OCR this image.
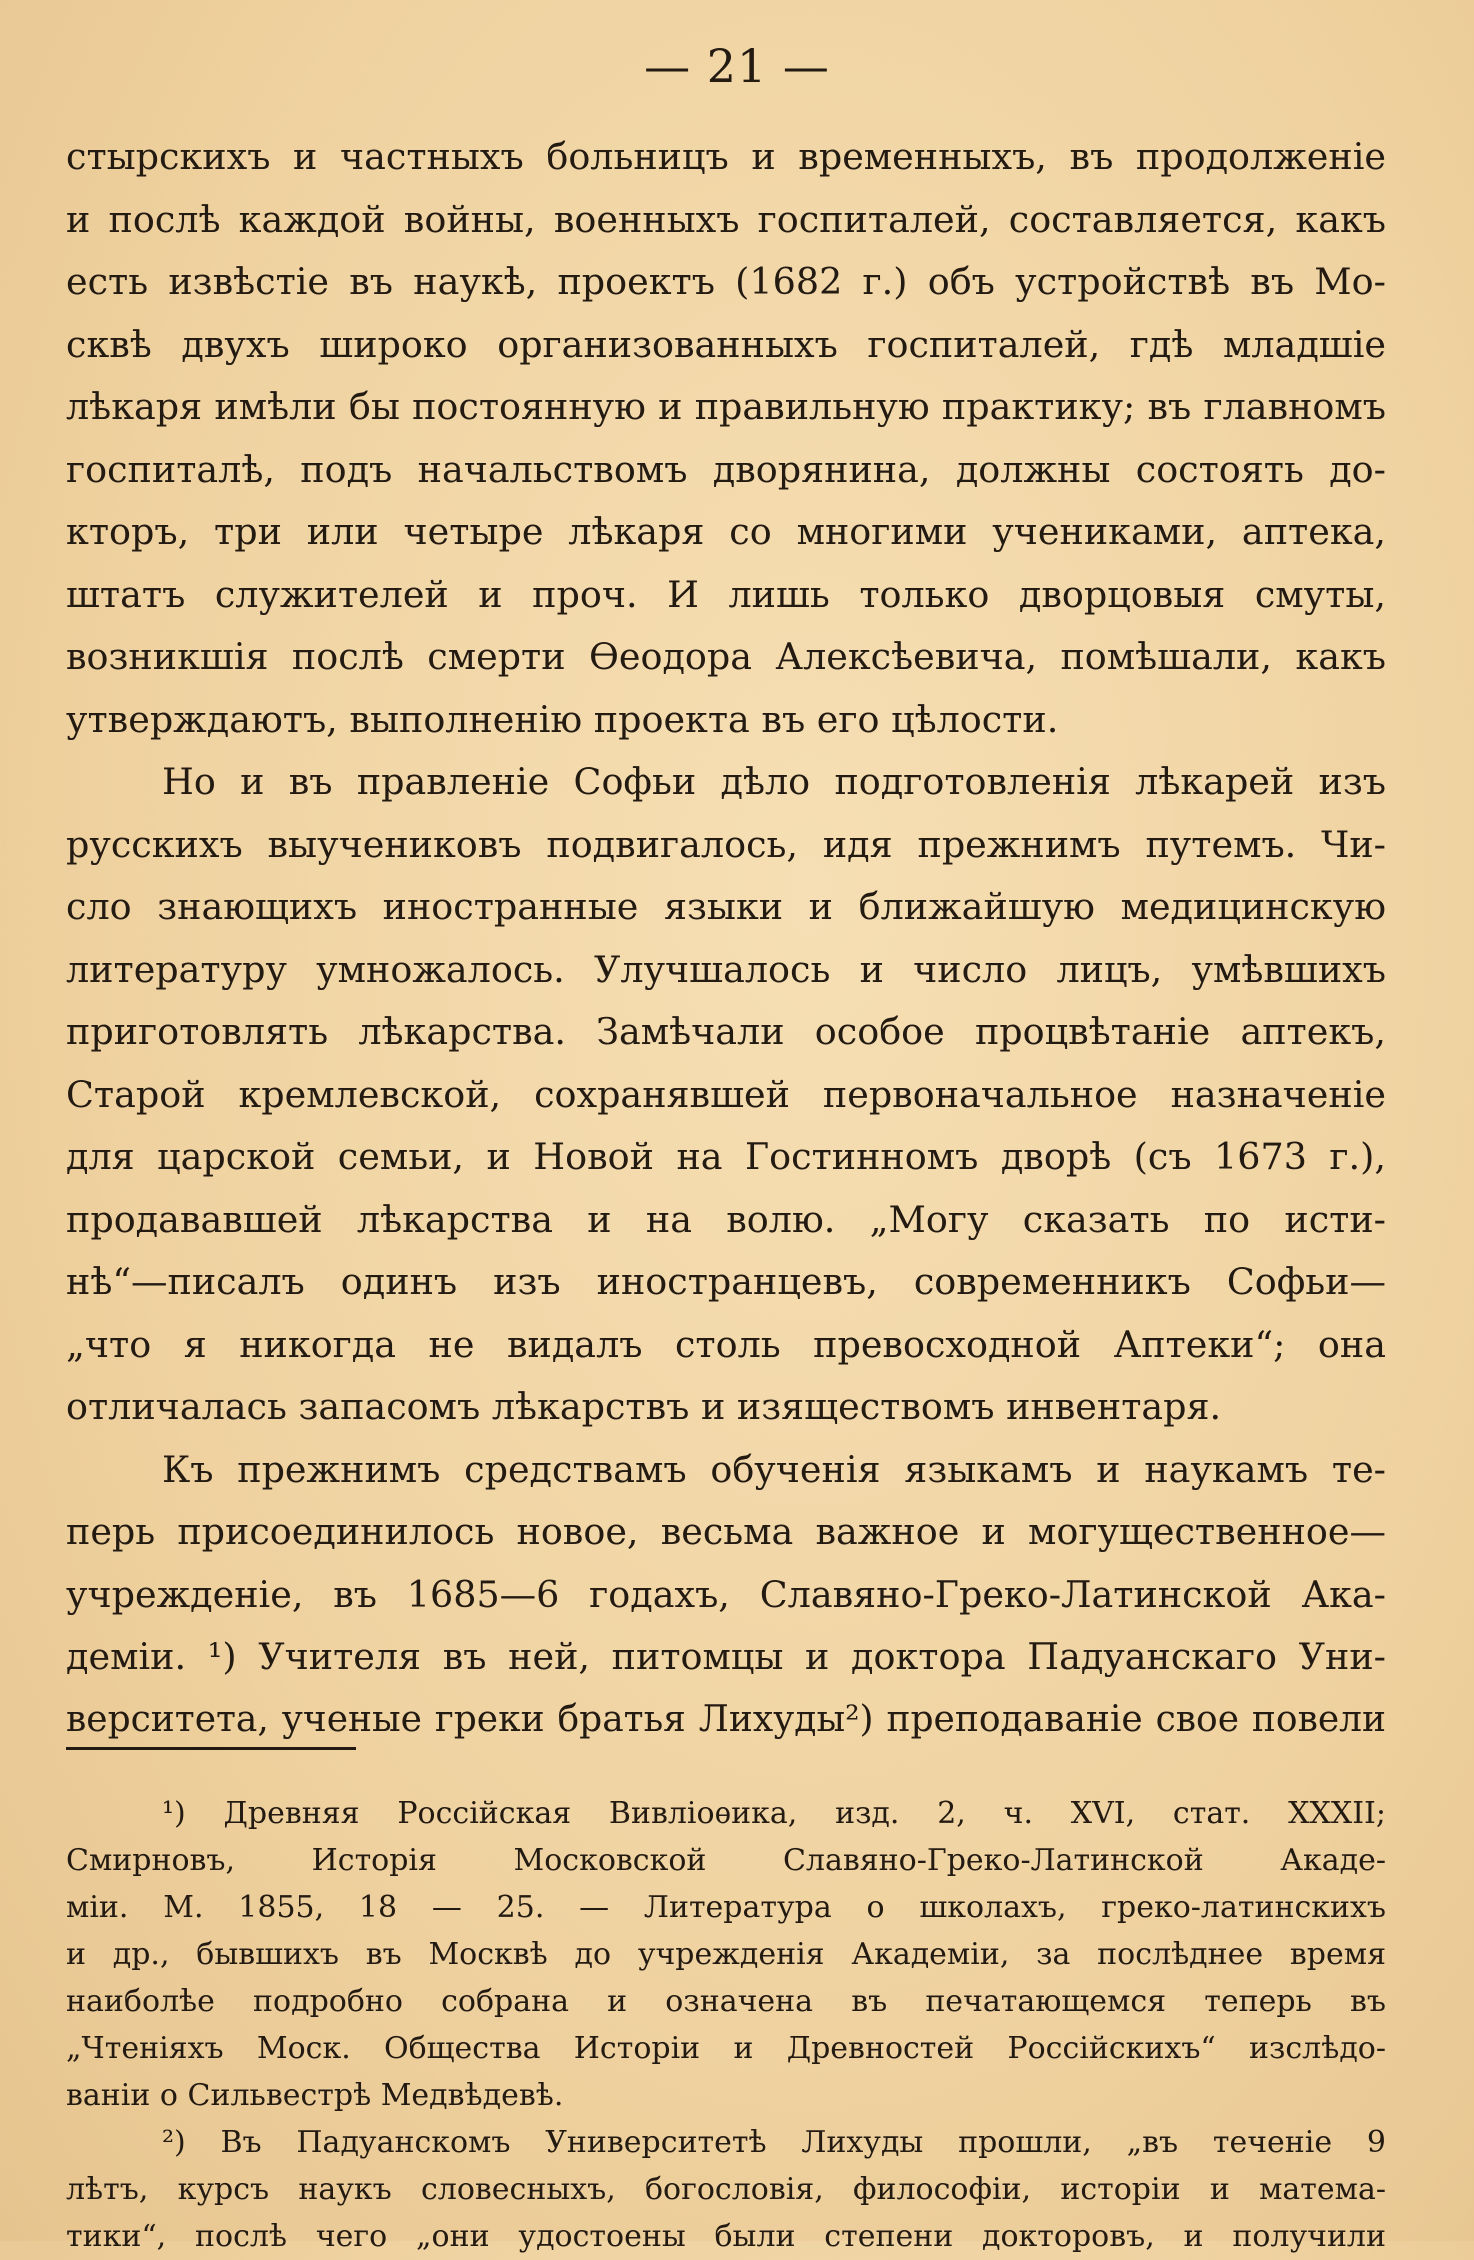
— 21 —
стырскихъ и частныхъ больницъ и временныхъ, въ продолженіе
и послѣ каждой войны, военныхъ госпиталей, составляется, какъ
есть извѣстіе въ наукѣ, проектъ (1682 г.) объ устройствѣ въ Мо-
сквѣ двухъ широко организованныхъ госпиталей, гдѣ младшіе
лѣкаря имѣли бы постоянную и правильную практику; въ главномъ
госпиталѣ, подъ начальствомъ дворянина, должны состоять до-
кторъ, три или четыре лѣкаря со многими учениками, аптека,
штатъ служителей и проч. И лишь только дворцовыя смуты,
возникшія послѣ смерти Ѳеодора Алексѣевича, помѣшали, какъ
утверждаютъ, выполненію проекта въ его цѣлости.
Но и въ правленіе Софьи дѣло подготовленія лѣкарей изъ
русскихъ выучениковъ подвигалось, идя прежнимъ путемъ. Чи-
сло знающихъ иностранные языки и ближайшую медицинскую
литературу умножалось. Улучшалось и число лицъ, умѣвшихъ
приготовлять лѣкарства. Замѣчали особое процвѣтаніе аптекъ,
Старой кремлевской, сохранявшей первоначальное назначеніе
для царской семьи, и Новой на Гостинномъ дворѣ (съ 1673 г.),
продававшей лѣкарства и на волю. „Могу сказать по исти-
нѣ“—писалъ одинъ изъ иностранцевъ, современникъ Софьи—
„что я никогда не видалъ столь превосходной Аптеки“; она
отличалась запасомъ лѣкарствъ и изяществомъ инвентаря.
Къ прежнимъ средствамъ обученія языкамъ и наукамъ те-
перь присоединилось новое, весьма важное и могущественное—
учрежденіе, въ 1685—6 годахъ, Славяно-Греко-Латинской Ака-
деміи. ¹) Учителя въ ней, питомцы и доктора Падуанскаго Уни-
верситета, ученые греки братья Лихуды²) преподаваніе свое повели
¹) Древняя Россійская Вивліоѳика, изд. 2, ч. XVI, стат. XXXII;
Смирновъ, Исторія Московской Славяно-Греко-Латинской Акаде-
міи. М. 1855, 18 — 25. — Литература о школахъ, греко-латинскихъ
и др., бывшихъ въ Москвѣ до учрежденія Академіи, за послѣднее время
наиболѣе подробно собрана и означена въ печатающемся теперь въ
„Чтеніяхъ Моск. Общества Исторіи и Древностей Россійскихъ“ изслѣдо-
ваніи о Сильвестрѣ Медвѣдевѣ.
²) Въ Падуанскомъ Университетѣ Лихуды прошли, „въ теченіе 9
лѣтъ, курсъ наукъ словесныхъ, богословія, философіи, исторіи и матема-
тики“, послѣ чего „они удостоены были степени докторовъ, и получили
